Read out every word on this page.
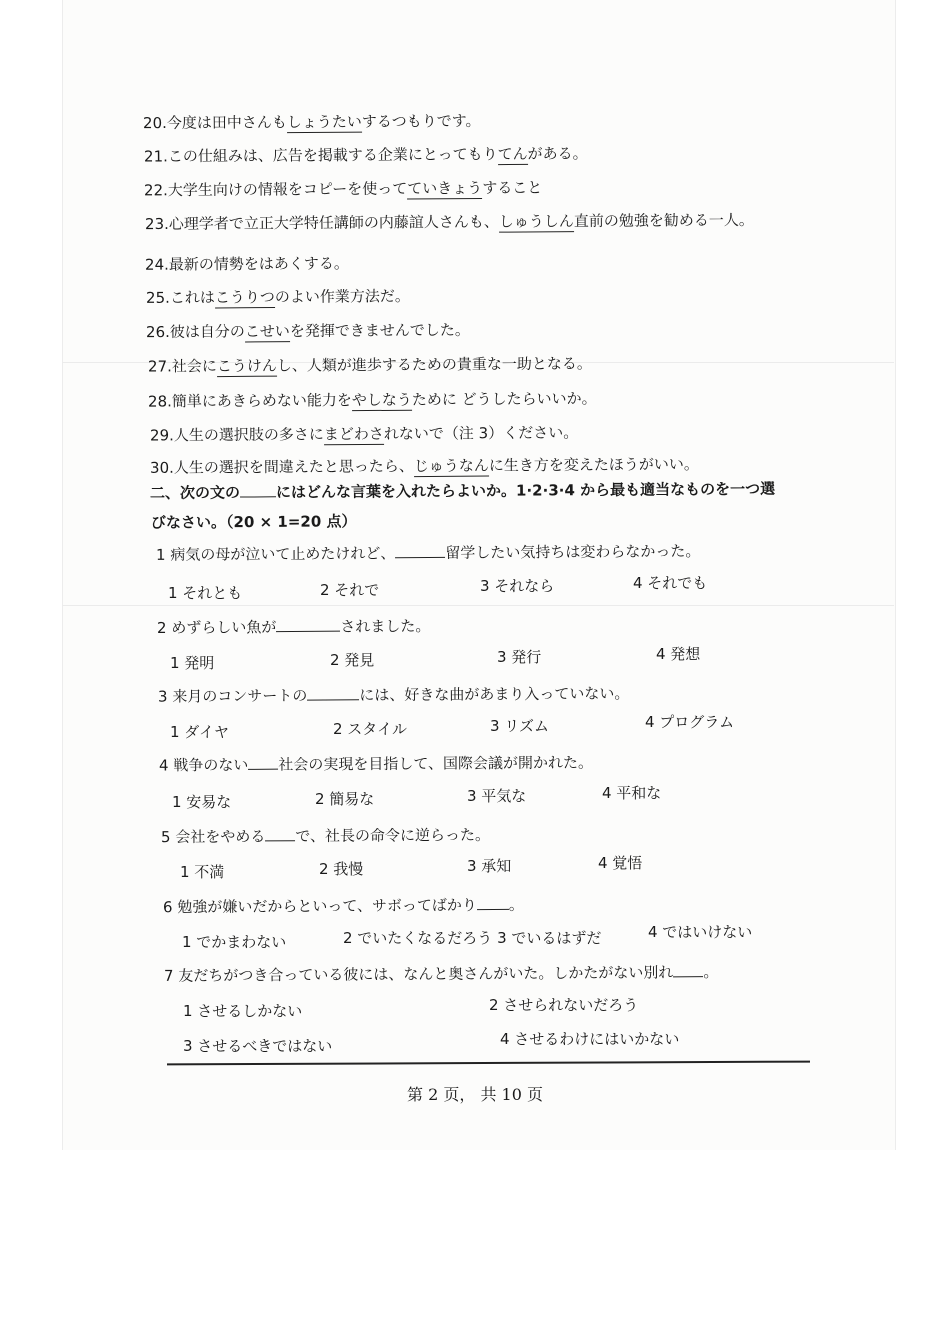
20.今度は田中さんもしょうたいするつもりです。
21.この仕組みは、広告を掲載する企業にとってもりてんがある。
22.大学生向けの情報をコピーを使ってていきょうすること
23.心理学者で立正大学特任講師の内藤誼人さんも、しゅうしん直前の勉強を勧める一人。
24.最新の情勢をはあくする。
25.これはこうりつのよい作業方法だ。
26.彼は自分のこせいを発揮できませんでした。
27.社会にこうけんし、人類が進歩するための貴重な一助となる。
28.簡単にあきらめない能力をやしなうために どうしたらいいか。
29.人生の選択肢の多さにまどわされないで（注 3）ください。
30.人生の選択を間違えたと思ったら、じゅうなんに生き方を変えたほうがいい。
二、次の文の にはどんな言葉を入れたらよいか。1·2·3·4 から最も適当なものを一つ選
びなさい。（20 × 1=20 点）
1 病気の母が泣いて止めたけれど、	留学したい気持ちは変わらなかった。
1 それとも	2 それで	3 それなら	4 それでも
2 めずらしい魚が	されました。
1 発明	2 発見	3 発行	4 発想
3 来月のコンサートの	には、好きな曲があまり入っていない。
1 ダイヤ	2 スタイル	3 リズム	4 プログラム
4 戦争のない 社会の実現を目指して、国際会議が開かれた。
1 安易な	2 簡易な	3 平気な	4 平和な
5 会社をやめる で、社長の命令に逆らった。
1 不満	2 我慢	3 承知	4 覚悟
6 勉強が嫌いだからといって、サボってばかり 。
1 でかまわない	2 でいたくなるだろう 3 でいるはずだ	4 ではいけない
7 友だちがつき合っている彼には、なんと奥さんがいた。しかたがない別れ 。
1 させるしかない	2 させられないだろう
3 させるべきではない	4 させるわけにはいかない
第 2 页， 共 10 页
